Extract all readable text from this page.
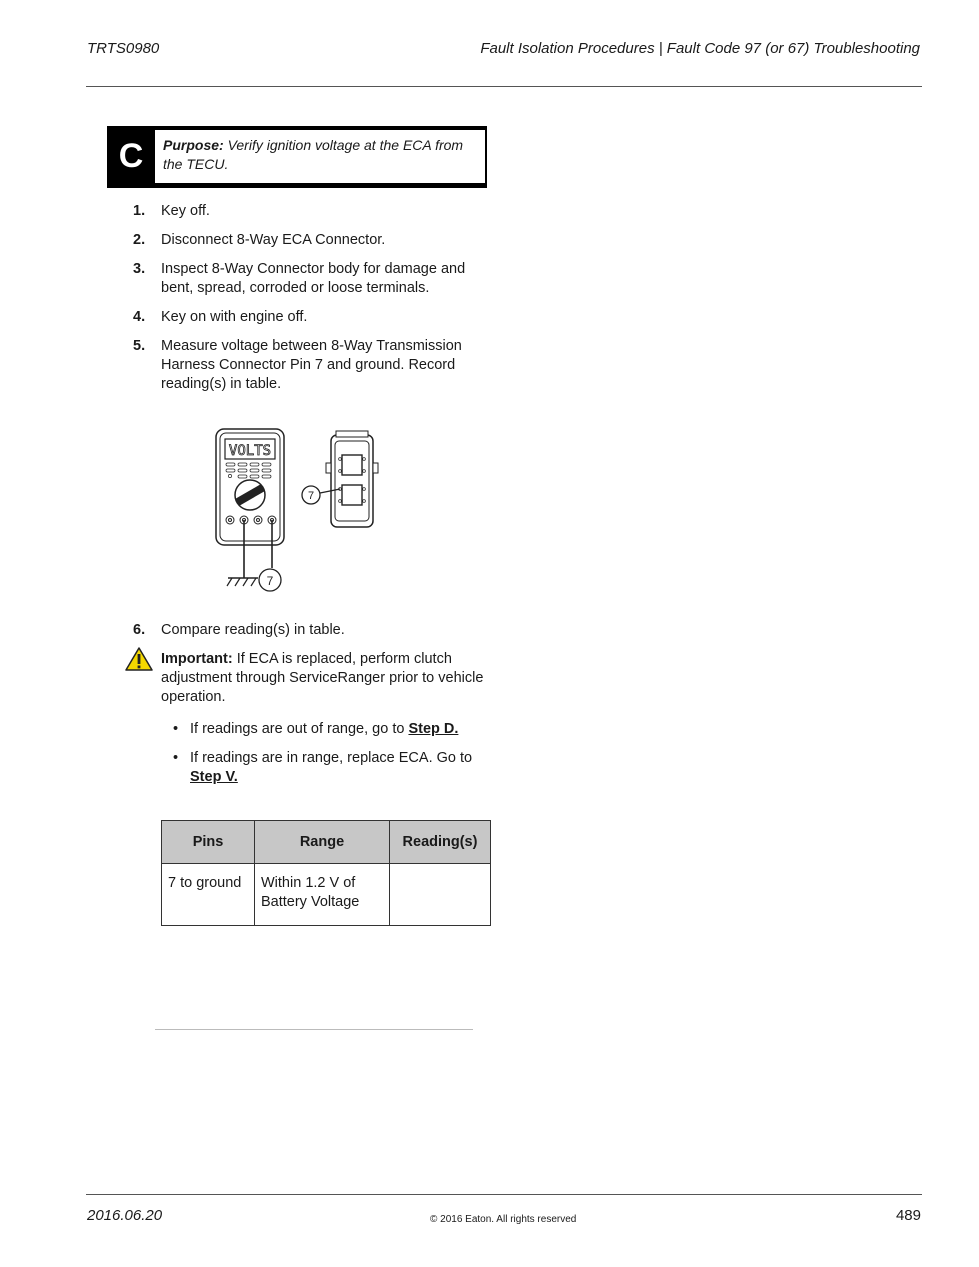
TRTS0980	Fault Isolation Procedures | Fault Code 97 (or 67) Troubleshooting
C	Purpose: Verify ignition voltage at the ECA from the TECU.
1. Key off.
2. Disconnect 8-Way ECA Connector.
3. Inspect 8-Way Connector body for damage and bent, spread, corroded or loose terminals.
4. Key on with engine off.
5. Measure voltage between 8-Way Transmission Harness Connector Pin 7 and ground. Record reading(s) in table.
VOLTS
7
7
6. Compare reading(s) in table.
Important: If ECA is replaced, perform clutch adjustment through ServiceRanger prior to vehicle operation.
• If readings are out of range, go to Step D.
• If readings are in range, replace ECA. Go to Step V.
Pins	Range	Reading(s)
7 to ground	Within 1.2 V of Battery Voltage	
2016.06.20	© 2016 Eaton. All rights reserved	489
